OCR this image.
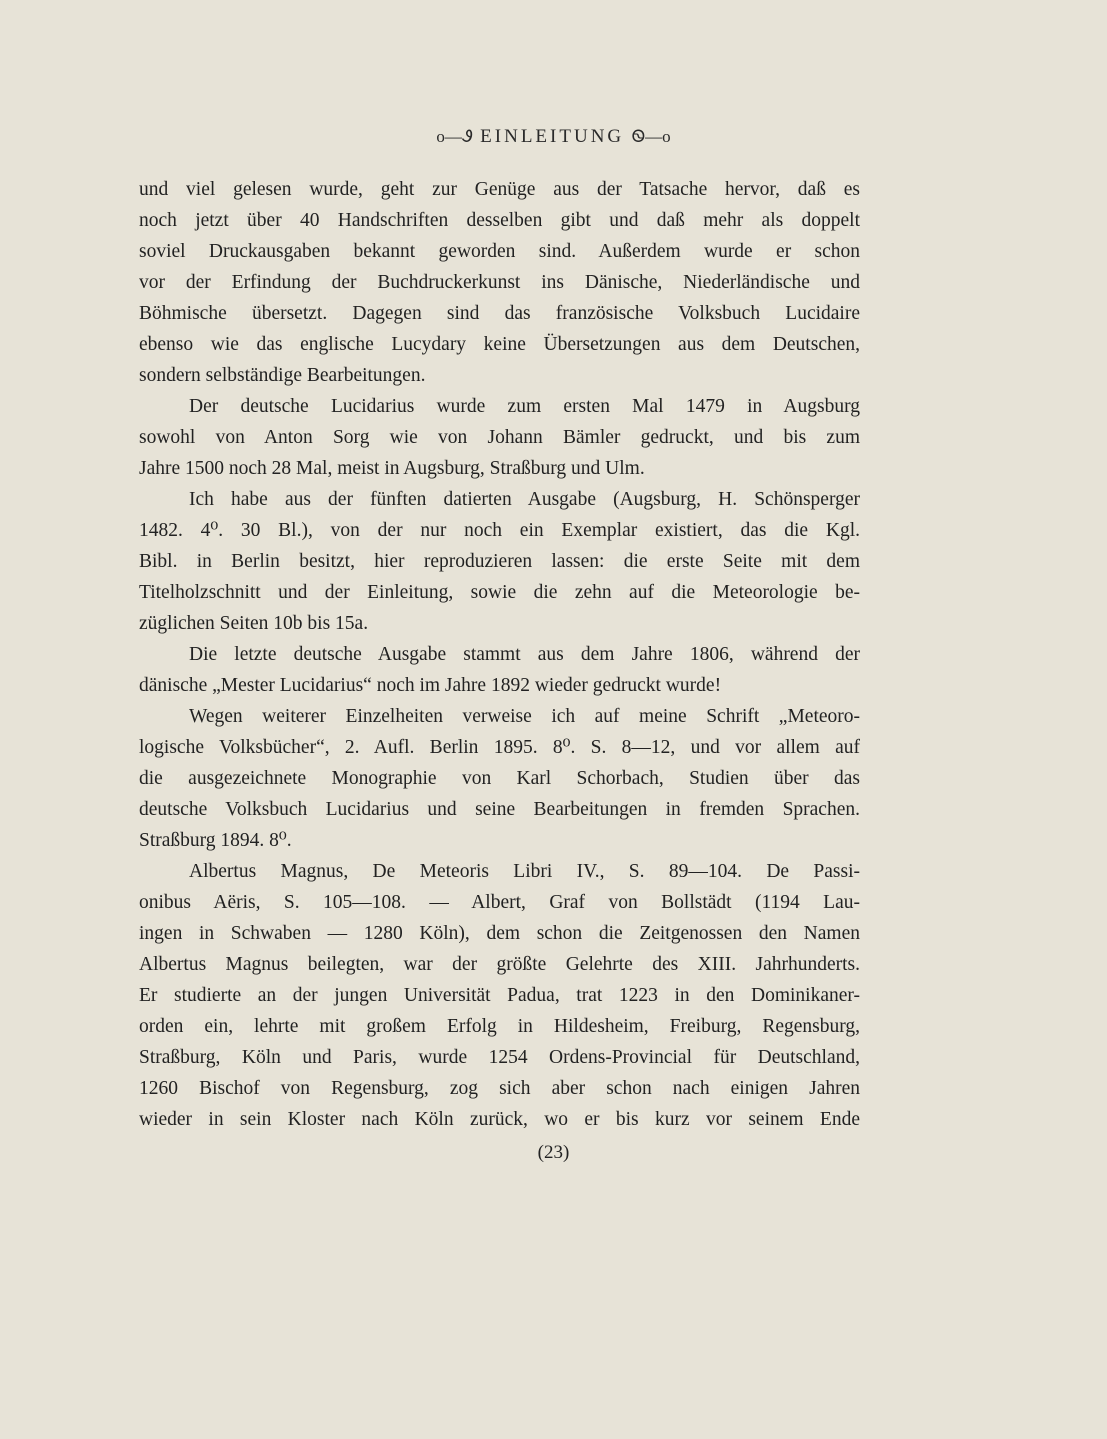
o—Ꮽ EINLEITUNG Ꮻ—o
und viel gelesen wurde, geht zur Genüge aus der Tatsache hervor, daß es
noch jetzt über 40 Handschriften desselben gibt und daß mehr als doppelt
soviel Druckausgaben bekannt geworden sind. Außerdem wurde er schon
vor der Erfindung der Buchdruckerkunst ins Dänische, Niederländische und
Böhmische übersetzt. Dagegen sind das französische Volksbuch Lucidaire
ebenso wie das englische Lucydary keine Übersetzungen aus dem Deutschen,
sondern selbständige Bearbeitungen.
Der deutsche Lucidarius wurde zum ersten Mal 1479 in Augsburg
sowohl von Anton Sorg wie von Johann Bämler gedruckt, und bis zum
Jahre 1500 noch 28 Mal, meist in Augsburg, Straßburg und Ulm.
Ich habe aus der fünften datierten Ausgabe (Augsburg, H. Schönsperger
1482. 4⁰. 30 Bl.), von der nur noch ein Exemplar existiert, das die Kgl.
Bibl. in Berlin besitzt, hier reproduzieren lassen: die erste Seite mit dem
Titelholzschnitt und der Einleitung, sowie die zehn auf die Meteorologie be-
züglichen Seiten 10b bis 15a.
Die letzte deutsche Ausgabe stammt aus dem Jahre 1806, während der
dänische „Mester Lucidarius“ noch im Jahre 1892 wieder gedruckt wurde!
Wegen weiterer Einzelheiten verweise ich auf meine Schrift „Meteoro-
logische Volksbücher“, 2. Aufl. Berlin 1895. 8⁰. S. 8—12, und vor allem auf
die ausgezeichnete Monographie von Karl Schorbach, Studien über das
deutsche Volksbuch Lucidarius und seine Bearbeitungen in fremden Sprachen.
Straßburg 1894. 8⁰.
Albertus Magnus, De Meteoris Libri IV., S. 89—104. De Passi-
onibus Aëris, S. 105—108. — Albert, Graf von Bollstädt (1194 Lau-
ingen in Schwaben — 1280 Köln), dem schon die Zeitgenossen den Namen
Albertus Magnus beilegten, war der größte Gelehrte des XIII. Jahrhunderts.
Er studierte an der jungen Universität Padua, trat 1223 in den Dominikaner-
orden ein, lehrte mit großem Erfolg in Hildesheim, Freiburg, Regensburg,
Straßburg, Köln und Paris, wurde 1254 Ordens-Provincial für Deutschland,
1260 Bischof von Regensburg, zog sich aber schon nach einigen Jahren
wieder in sein Kloster nach Köln zurück, wo er bis kurz vor seinem Ende
(23)
